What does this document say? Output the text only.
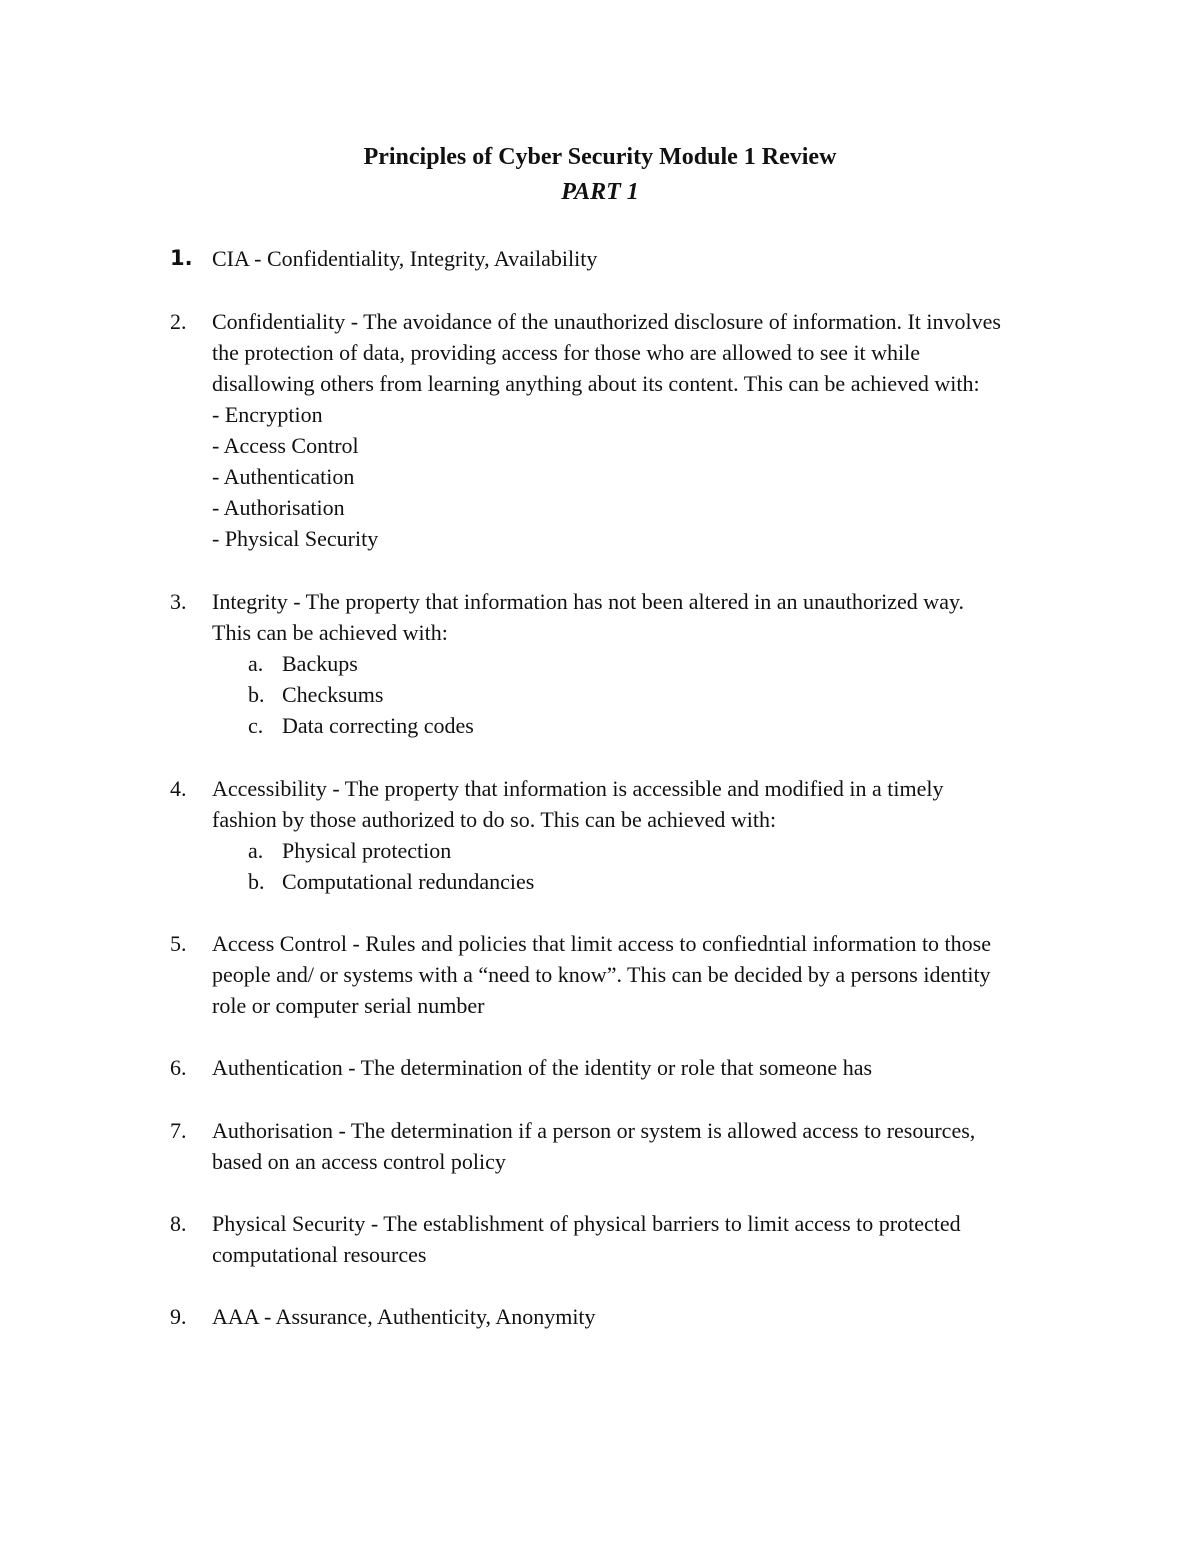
Principles of Cyber Security Module 1 Review
PART 1
1. CIA - Confidentiality, Integrity, Availability
2.	Confidentiality - The avoidance of the unauthorized disclosure of information. It involves
the protection of data, providing access for those who are allowed to see it while
disallowing others from learning anything about its content. This can be achieved with:
- Encryption
- Access Control
- Authentication
- Authorisation
- Physical Security
3.	Integrity - The property that information has not been altered in an unauthorized way.
This can be achieved with:
a. Backups
b. Checksums
c. Data correcting codes
4.	Accessibility - The property that information is accessible and modified in a timely
fashion by those authorized to do so. This can be achieved with:
a. Physical protection
b. Computational redundancies
5.	Access Control - Rules and policies that limit access to confiedntial information to those
people and/ or systems with a “need to know”. This can be decided by a persons identity
role or computer serial number
6.	Authentication - The determination of the identity or role that someone has
7.	Authorisation - The determination if a person or system is allowed access to resources,
based on an access control policy
8.	Physical Security - The establishment of physical barriers to limit access to protected
computational resources
9.	AAA - Assurance, Authenticity, Anonymity
